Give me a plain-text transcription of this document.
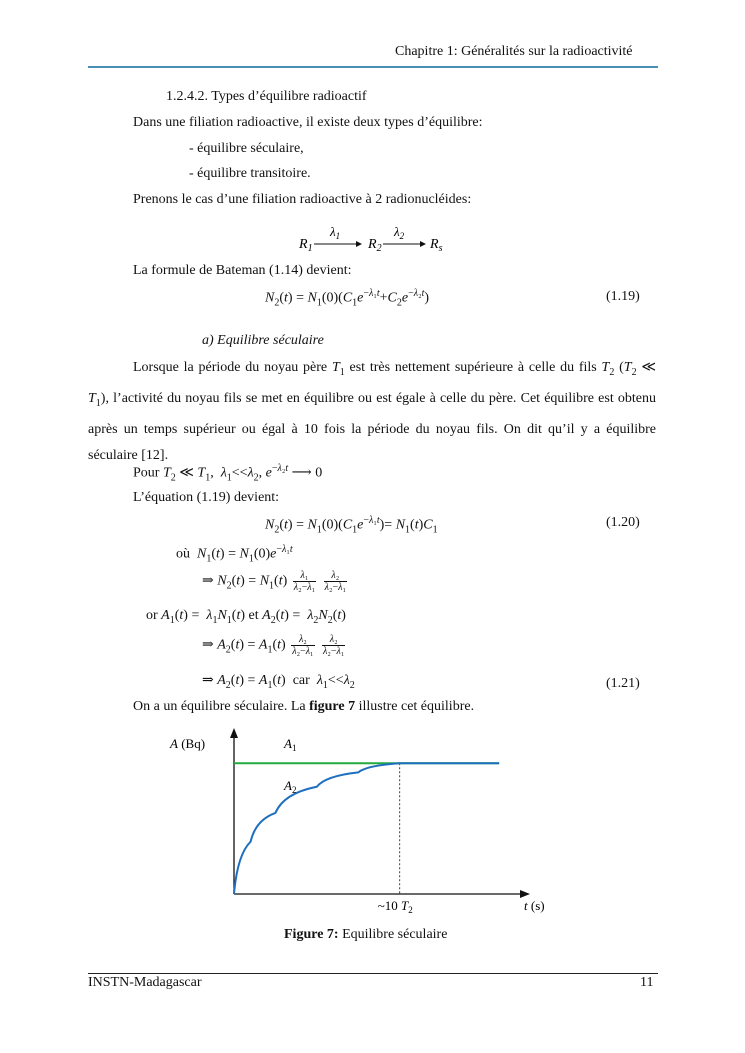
Chapitre 1: Généralités sur la radioactivité
1.2.4.2. Types d’équilibre radioactif
Dans une filiation radioactive, il existe deux types d’équilibre:
- équilibre séculaire,
- équilibre transitoire.
Prenons le cas d’une filiation radioactive à 2 radionucléides:
$R_1$
$\lambda_1$
$R_2$
$\lambda_2$
$R_s$
La formule de Bateman (1.14) devient:
$N_2(t) = N_1(0)(C_1e^{-\lambda_1t}+C_2e^{-\lambda_2t})$	(1.19)
a) Equilibre séculaire
Lorsque la période du noyau père $T_1$ est très nettement supérieure à celle du fils $T_2$ ($T_2$ ≪ $T_1$), l’activité du noyau fils se met en équilibre ou est égale à celle du père. Cet équilibre est obtenu après un temps supérieur ou égal à 10 fois la période du noyau fils. On dit qu’il y a équilibre séculaire [12].
Pour $T_2$ ≪ $T_1$,  $\lambda_1<<\lambda_2$, $e^{-\lambda_2t}$ ⟶ 0
L’équation (1.19) devient:
$N_2(t) = N_1(0)(C_1e^{-\lambda_1t})= N_1(t)C_1$	(1.20)
où $N_1(t) = N_1(0)e^{-\lambda_1t}$
⇒ $N_2(t) = N_1(t) \frac{\text{λ₁}}{\text{λ₂−λ₁}}$
$\frac{\text{λ₂}}{\text{λ₂−λ₁}}$
or $A_1(t) = \lambda_1N_1(t)$ et $A_2(t) = \lambda_2N_2(t)$
⇒ $A_2(t) = A_1(t) \frac{\text{λ₂}}{\text{λ₂−λ₁}}$
$\frac{\text{λ₂}}{\text{λ₂−λ₁}}$
⇒ $A_2(t) = A_1(t)$  car $\lambda_1<<\lambda_2$	(1.21)
On a un équilibre séculaire. La figure 7 illustre cet équilibre.
A (Bq)
t (s)
~10 $T_2$
$A_1$
$A_2$
Figure 7: Equilibre séculaire
INSTN-Madagascar	11
